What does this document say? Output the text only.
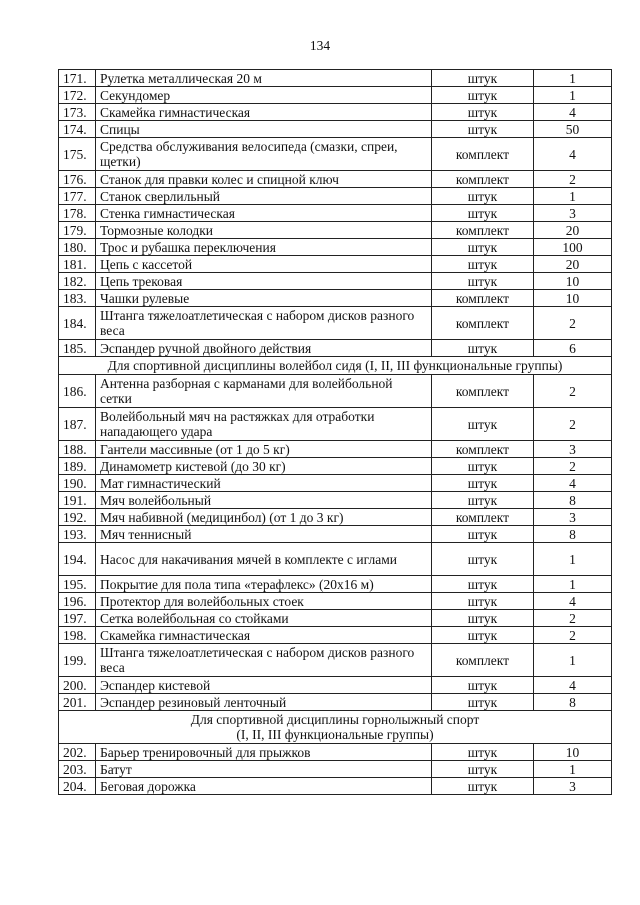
134
171.	Рулетка металлическая 20 м	штук	1
172.	Секундомер	штук	1
173.	Скамейка гимнастическая	штук	4
174.	Спицы	штук	50
175.	Средства обслуживания велосипеда (смазки, спреи, щетки)	комплект	4
176.	Станок для правки колес и спицной ключ	комплект	2
177.	Станок сверлильный	штук	1
178.	Стенка гимнастическая	штук	3
179.	Тормозные колодки	комплект	20
180.	Трос и рубашка переключения	штук	100
181.	Цепь с кассетой	штук	20
182.	Цепь трековая	штук	10
183.	Чашки рулевые	комплект	10
184.	Штанга тяжелоатлетическая с набором дисков разного веса	комплект	2
185.	Эспандер ручной двойного действия	штук	6
Для спортивной дисциплины волейбол сидя (I, II, III функциональные группы)			
186.	Антенна разборная с карманами для волейбольной сетки	комплект	2
187.	Волейбольный мяч на растяжках для отработки нападающего удара	штук	2
188.	Гантели массивные (от 1 до 5 кг)	комплект	3
189.	Динамометр кистевой (до 30 кг)	штук	2
190.	Мат гимнастический	штук	4
191.	Мяч волейбольный	штук	8
192.	Мяч набивной (медицинбол) (от 1 до 3 кг)	комплект	3
193.	Мяч теннисный	штук	8
194.	Насос для накачивания мячей в комплекте с иглами	штук	1
195.	Покрытие для пола типа «терафлекс» (20х16 м)	штук	1
196.	Протектор для волейбольных стоек	штук	4
197.	Сетка волейбольная со стойками	штук	2
198.	Скамейка гимнастическая	штук	2
199.	Штанга тяжелоатлетическая с набором дисков разного веса	комплект	1
200.	Эспандер кистевой	штук	4
201.	Эспандер резиновый ленточный	штук	8

Для спортивной дисциплины горнолыжный спорт
(I, II, III функциональные группы)			

202.	Барьер тренировочный для прыжков	штук	10
203.	Батут	штук	1
204.	Беговая дорожка	штук	3
